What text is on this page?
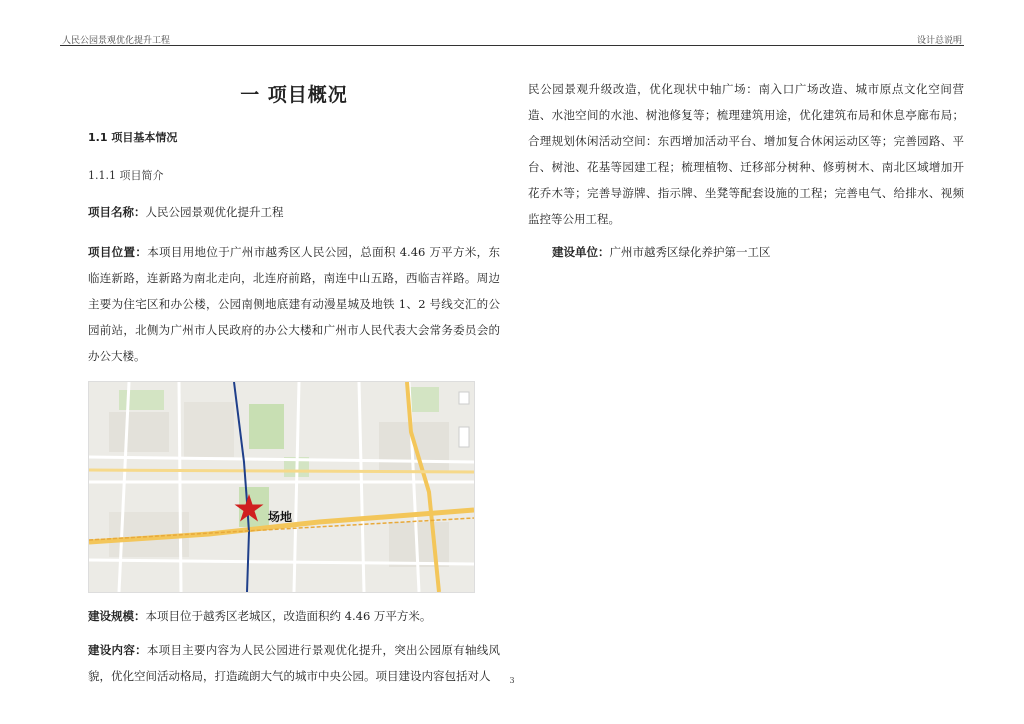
人民公园景观优化提升工程	设计总说明
一 项目概况
1.1 项目基本情况
1.1.1 项目简介
项目名称：人民公园景观优化提升工程
项目位置：本项目用地位于广州市越秀区人民公园，总面积 4.46 万平方米，东临连新路，连新路为南北走向，北连府前路，南连中山五路，西临吉祥路。周边主要为住宅区和办公楼，公园南侧地底建有动漫星城及地铁 1、2 号线交汇的公园前站，北侧为广州市人民政府的办公大楼和广州市人民代表大会常务委员会的办公大楼。
场地
建设规模：本项目位于越秀区老城区，改造面积约 4.46 万平方米。
建设内容：本项目主要内容为人民公园进行景观优化提升，突出公园原有轴线风貌，优化空间活动格局，打造疏朗大气的城市中央公园。项目建设内容包括对人

民公园景观升级改造，优化现状中轴广场：南入口广场改造、城市原点文化空间营造、水池空间的水池、树池修复等；梳理建筑用途，优化建筑布局和休息亭廊布局；合理规划休闲活动空间：东西增加活动平台、增加复合休闲运动区等；完善园路、平台、树池、花基等园建工程；梳理植物、迁移部分树种、修剪树木、南北区域增加开花乔木等；完善导游牌、指示牌、坐凳等配套设施的工程；完善电气、给排水、视频监控等公用工程。

建设单位：广州市越秀区绿化养护第一工区
3
